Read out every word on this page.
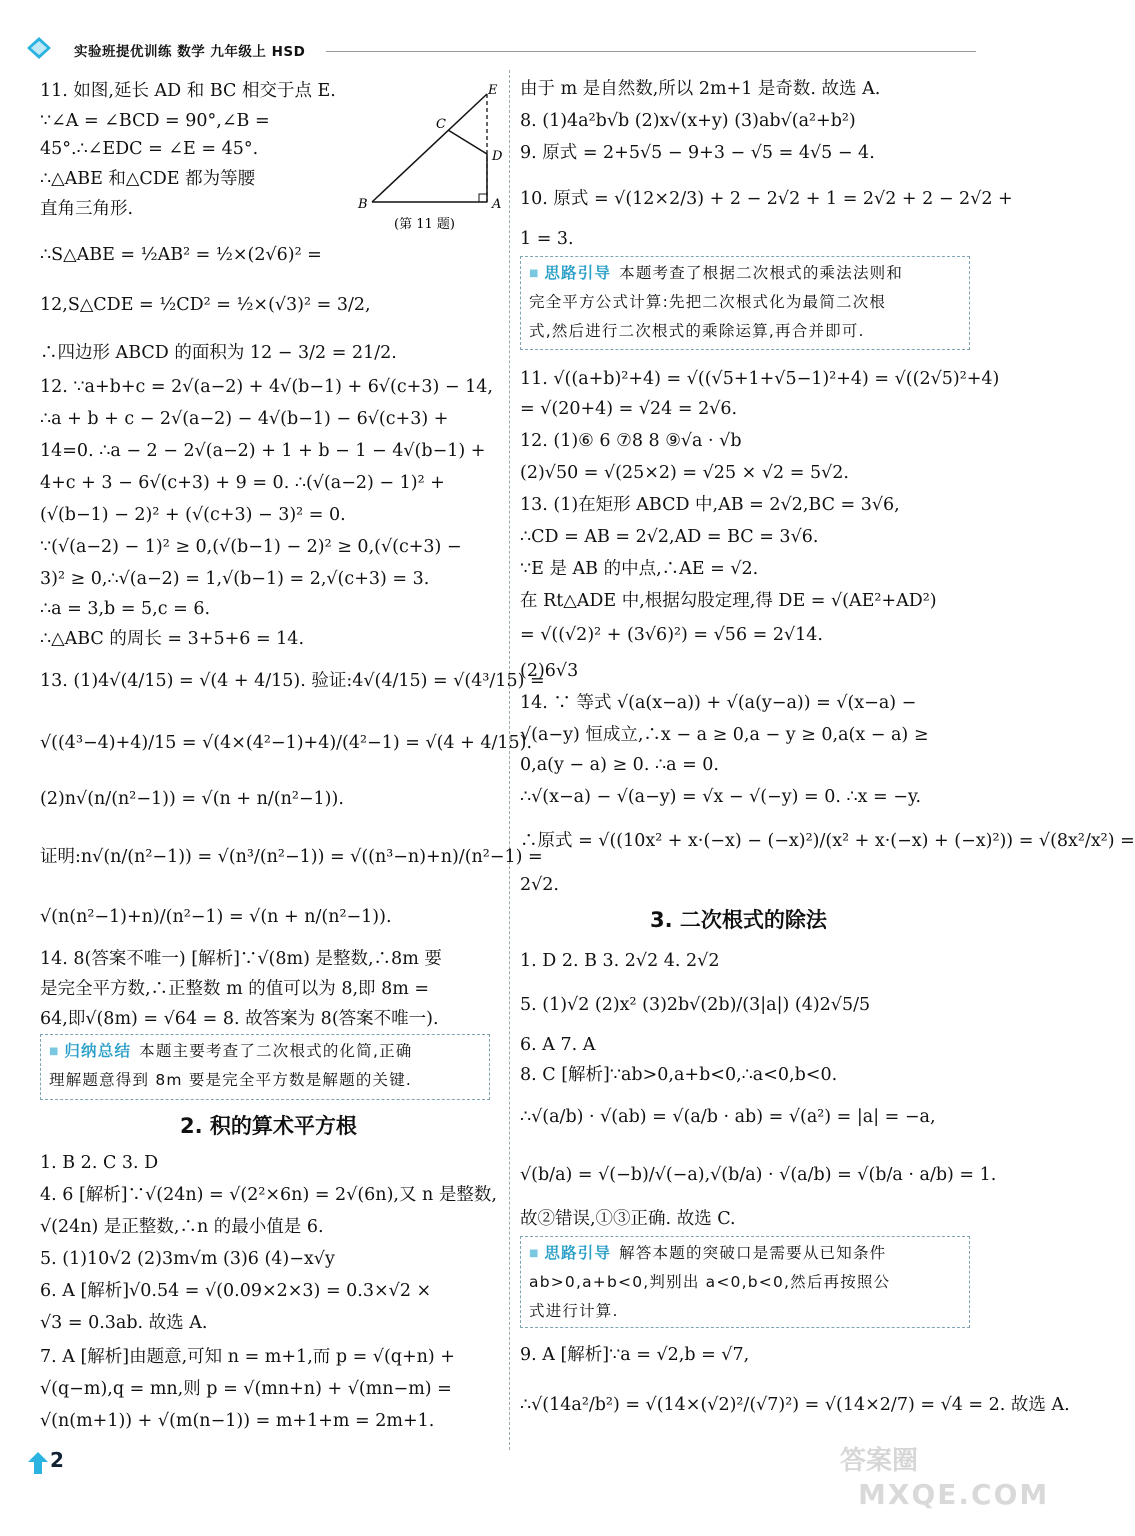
实验班提优训练 数学 九年级上 HSD
11. 如图,延长 AD 和 BC 相交于点 E.
∵∠A = ∠BCD = 90°,∠B =
45°.∴∠EDC = ∠E = 45°.
∴△ABE 和△CDE 都为等腰
直角三角形.
∴S△ABE = ½AB² = ½×(2√6)² =
12,S△CDE = ½CD² = ½×(√3)² = 3/2,
∴四边形 ABCD 的面积为 12 − 3/2 = 21/2.
E
C
D
B	A
(第 11 题)
12. ∵a+b+c = 2√(a−2) + 4√(b−1) + 6√(c+3) − 14,
∴a + b + c − 2√(a−2) − 4√(b−1) − 6√(c+3) +
14=0. ∴a − 2 − 2√(a−2) + 1 + b − 1 − 4√(b−1) +
4+c + 3 − 6√(c+3) + 9 = 0. ∴(√(a−2) − 1)² +
(√(b−1) − 2)² + (√(c+3) − 3)² = 0.
∵(√(a−2) − 1)² ≥ 0,(√(b−1) − 2)² ≥ 0,(√(c+3) −
3)² ≥ 0,∴√(a−2) = 1,√(b−1) = 2,√(c+3) = 3.
∴a = 3,b = 5,c = 6.
∴△ABC 的周长 = 3+5+6 = 14.
13. (1)4√(4/15) = √(4 + 4/15). 验证:4√(4/15) = √(4³/15) =
√((4³−4)+4)/15 = √(4×(4²−1)+4)/(4²−1) = √(4 + 4/15).
(2)n√(n/(n²−1)) = √(n + n/(n²−1)).
证明:n√(n/(n²−1)) = √(n³/(n²−1)) = √((n³−n)+n)/(n²−1) =
√(n(n²−1)+n)/(n²−1) = √(n + n/(n²−1)).
14. 8(答案不唯一) [解析]∵√(8m) 是整数,∴8m 要
是完全平方数,∴正整数 m 的值可以为 8,即 8m =
64,即√(8m) = √64 = 8. 故答案为 8(答案不唯一).
■ 归纳总结 本题主要考查了二次根式的化简,正确
理解题意得到 8m 要是完全平方数是解题的关键.
2. 积的算术平方根
1. B 2. C 3. D
4. 6 [解析]∵√(24n) = √(2²×6n) = 2√(6n),又 n 是整数,
√(24n) 是正整数,∴n 的最小值是 6.
5. (1)10√2 (2)3m√m (3)6 (4)−x√y
6. A [解析]√0.54 = √(0.09×2×3) = 0.3×√2 ×
√3 = 0.3ab. 故选 A.
7. A [解析]由题意,可知 n = m+1,而 p = √(q+n) +
√(q−m),q = mn,则 p = √(mn+n) + √(mn−m) =
√(n(m+1)) + √(m(n−1)) = m+1+m = 2m+1.
由于 m 是自然数,所以 2m+1 是奇数. 故选 A.
8. (1)4a²b√b (2)x√(x+y) (3)ab√(a²+b²)
9. 原式 = 2+5√5 − 9+3 − √5 = 4√5 − 4.
10. 原式 = √(12×2/3) + 2 − 2√2 + 1 = 2√2 + 2 − 2√2 +
1 = 3.
■ 思路引导 本题考查了根据二次根式的乘法法则和
完全平方公式计算:先把二次根式化为最简二次根
式,然后进行二次根式的乘除运算,再合并即可.
11. √((a+b)²+4) = √((√5+1+√5−1)²+4) = √((2√5)²+4)
= √(20+4) = √24 = 2√6.
12. (1)⑥ 6 ⑦8 8 ⑨√a · √b
(2)√50 = √(25×2) = √25 × √2 = 5√2.
13. (1)在矩形 ABCD 中,AB = 2√2,BC = 3√6,
∴CD = AB = 2√2,AD = BC = 3√6.
∵E 是 AB 的中点,∴AE = √2.
在 Rt△ADE 中,根据勾股定理,得 DE = √(AE²+AD²)
= √((√2)² + (3√6)²) = √56 = 2√14.
(2)6√3
14. ∵ 等式 √(a(x−a)) + √(a(y−a)) = √(x−a) −
√(a−y) 恒成立,∴x − a ≥ 0,a − y ≥ 0,a(x − a) ≥
0,a(y − a) ≥ 0. ∴a = 0.
∴√(x−a) − √(a−y) = √x − √(−y) = 0. ∴x = −y.
∴原式 = √((10x² + x·(−x) − (−x)²)/(x² + x·(−x) + (−x)²)) = √(8x²/x²) =
2√2.
3. 二次根式的除法
1. D 2. B 3. 2√2 4. 2√2
5. (1)√2 (2)x² (3)2b√(2b)/(3|a|) (4)2√5/5
6. A 7. A
8. C [解析]∵ab>0,a+b<0,∴a<0,b<0.
∴√(a/b) · √(ab) = √(a/b · ab) = √(a²) = |a| = −a,
√(b/a) = √(−b)/√(−a),√(b/a) · √(a/b) = √(b/a · a/b) = 1.
故②错误,①③正确. 故选 C.
■ 思路引导 解答本题的突破口是需要从已知条件
ab>0,a+b<0,判别出 a<0,b<0,然后再按照公
式进行计算.
9. A [解析]∵a = √2,b = √7,
∴√(14a²/b²) = √(14×(√2)²/(√7)²) = √(14×2/7) = √4 = 2. 故选 A.
2	答案圈
MXQE.COM
